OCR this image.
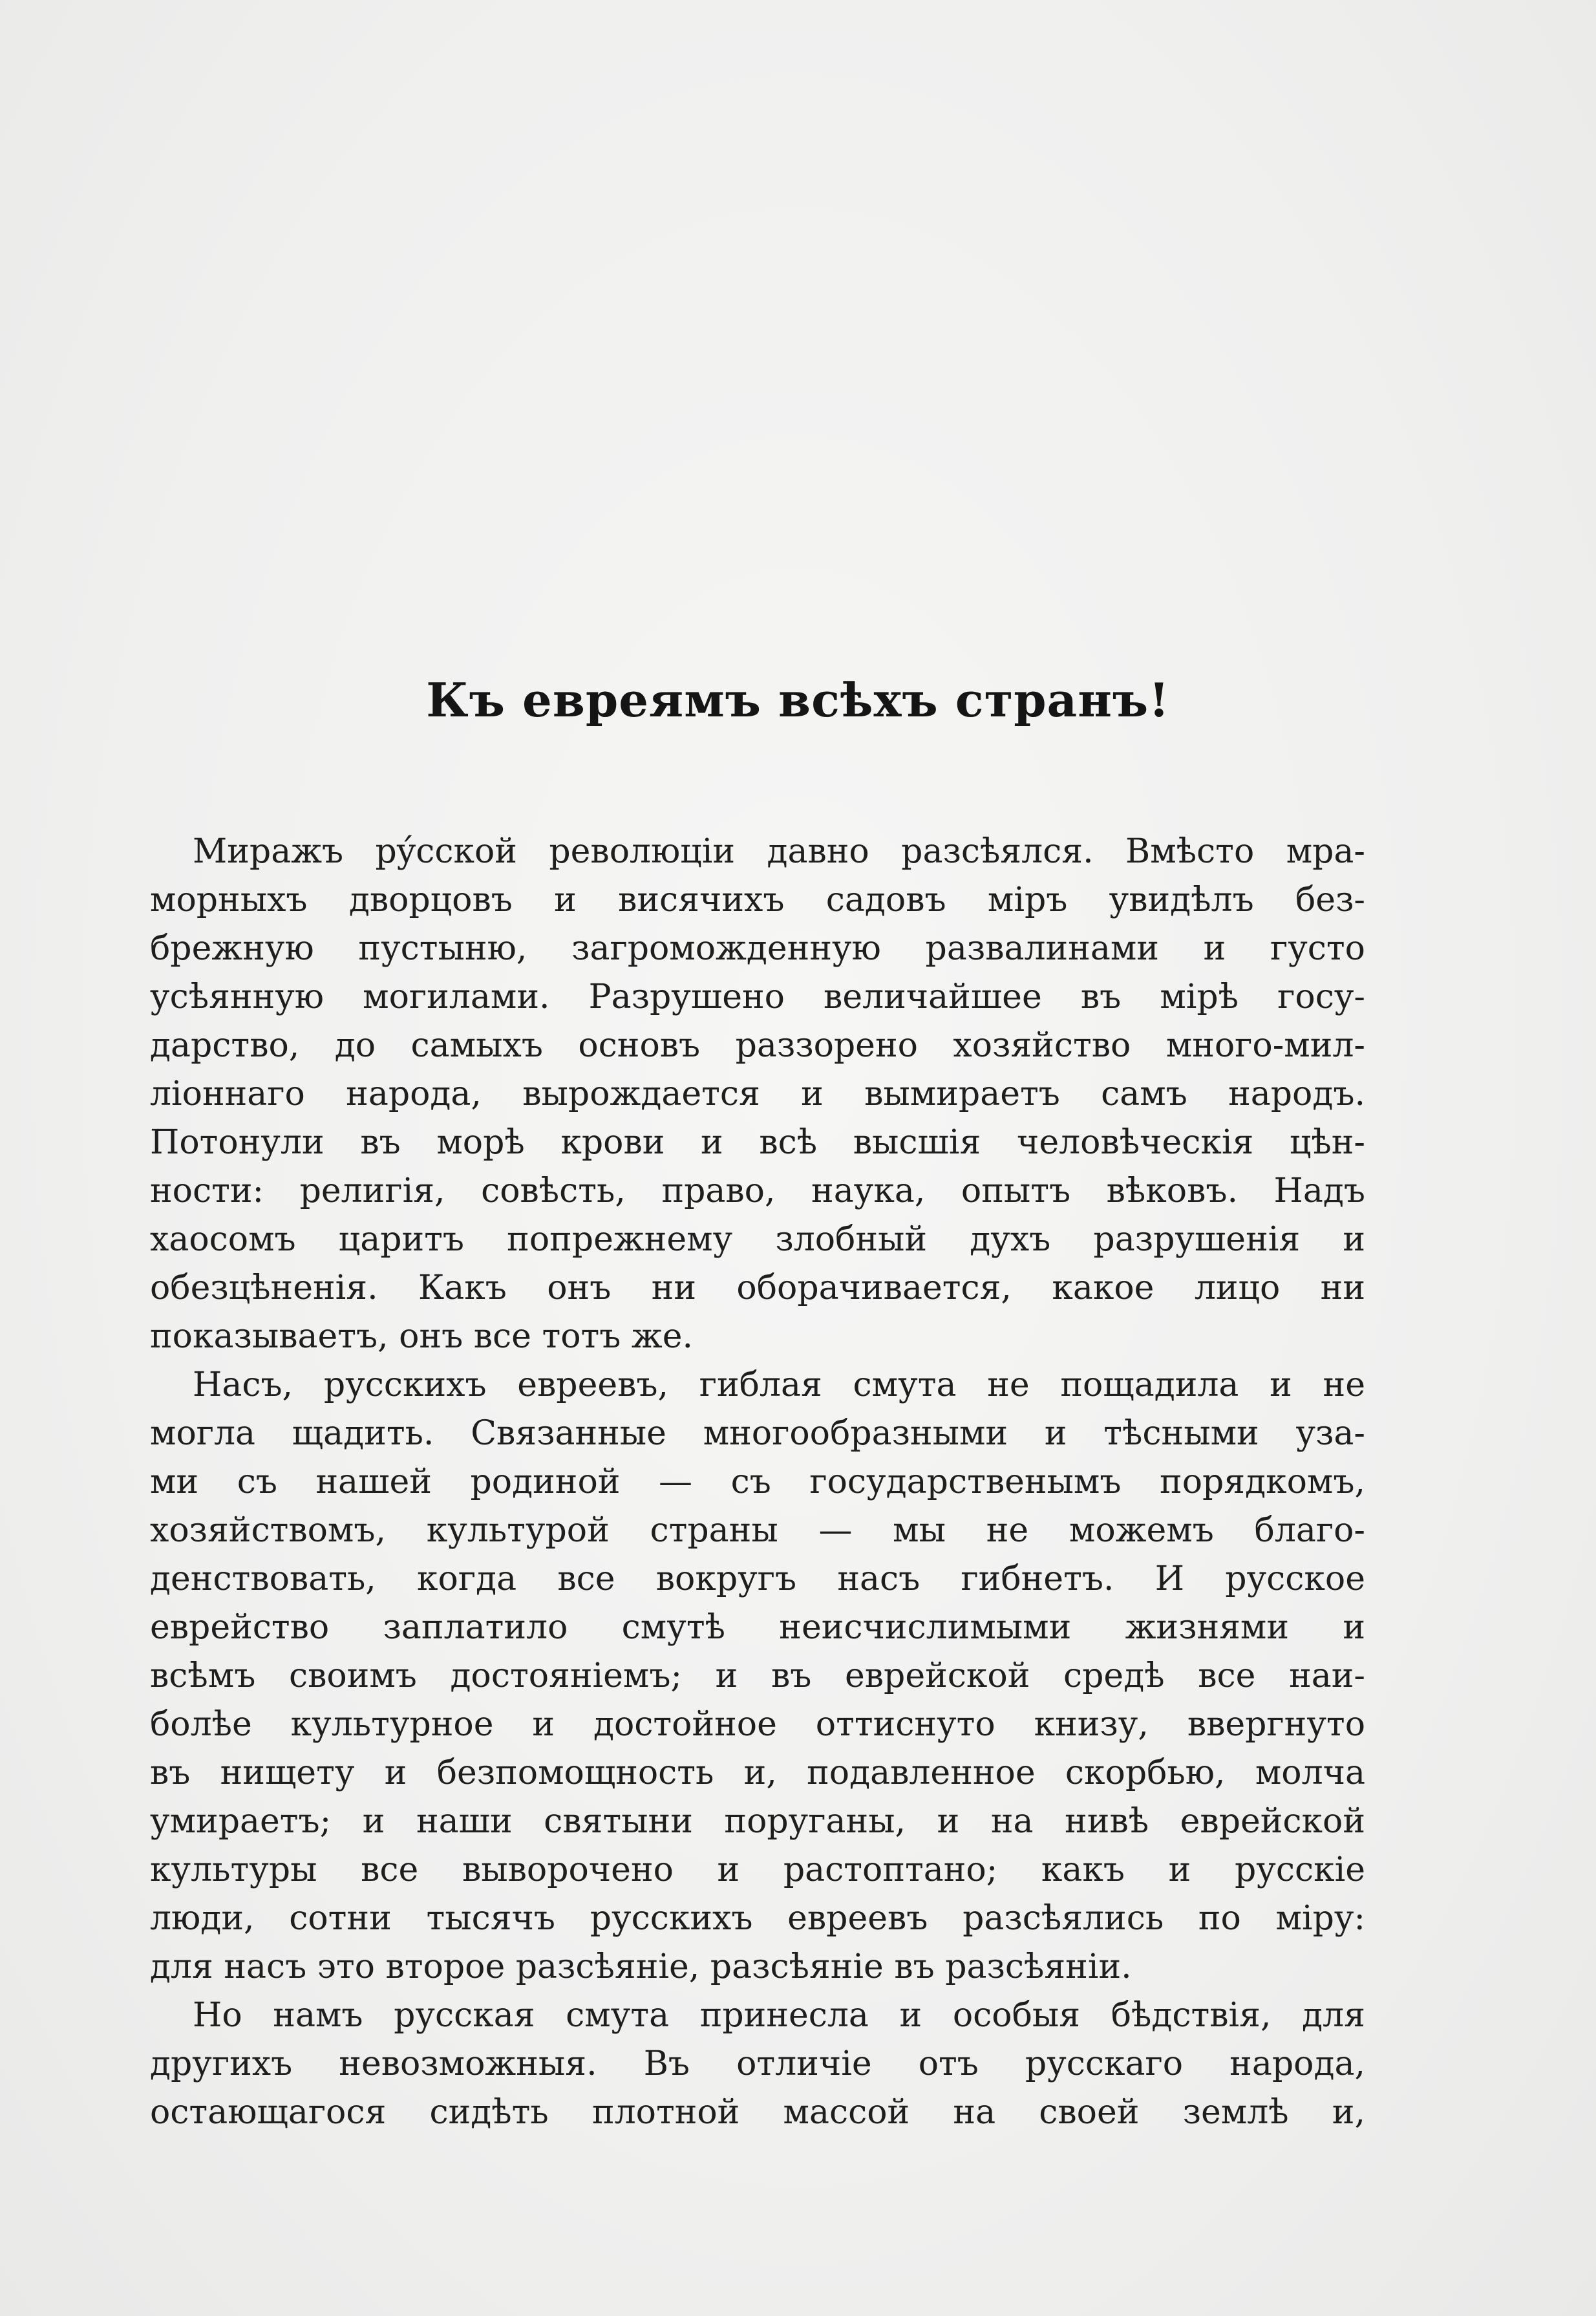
Къ евреямъ всѣхъ странъ!
Миражъ рýсской революціи давно разсѣялся. Вмѣсто мра-
морныхъ дворцовъ и висячихъ садовъ міръ увидѣлъ без-
брежную пустыню, загроможденную развалинами и густо
усѣянную могилами. Разрушено величайшее въ мірѣ госу-
дарство, до самыхъ основъ раззорено хозяйство много-мил-
ліоннаго народа, вырождается и вымираетъ самъ народъ.
Потонули въ морѣ крови и всѣ высшія человѣческія цѣн-
ности: религія, совѣсть, право, наука, опытъ вѣковъ. Надъ
хаосомъ царитъ попрежнему злобный духъ разрушенія и
обезцѣненія. Какъ онъ ни оборачивается, какое лицо ни
показываетъ, онъ все тотъ же.
Насъ, русскихъ евреевъ, гиблая смута не пощадила и не
могла щадить. Связанные многообразными и тѣсными уза-
ми съ нашей родиной — съ государственымъ порядкомъ,
хозяйствомъ, культурой страны — мы не можемъ благо-
денствовать, когда все вокругъ насъ гибнетъ. И русское
еврейство заплатило смутѣ неисчислимыми жизнями и
всѣмъ своимъ достояніемъ; и въ еврейской средѣ все наи-
болѣе культурное и достойное оттиснуто книзу, ввергнуто
въ нищету и безпомощность и, подавленное скорбью, молча
умираетъ; и наши святыни поруганы, и на нивѣ еврейской
культуры все выворочено и растоптано; какъ и русскіе
люди, сотни тысячъ русскихъ евреевъ разсѣялись по міру:
для насъ это второе разсѣяніе, разсѣяніе въ разсѣяніи.
Но намъ русская смута принесла и особыя бѣдствія, для
другихъ невозможныя. Въ отличіе отъ русскаго народа,
остающагося сидѣть плотной массой на своей землѣ и,
